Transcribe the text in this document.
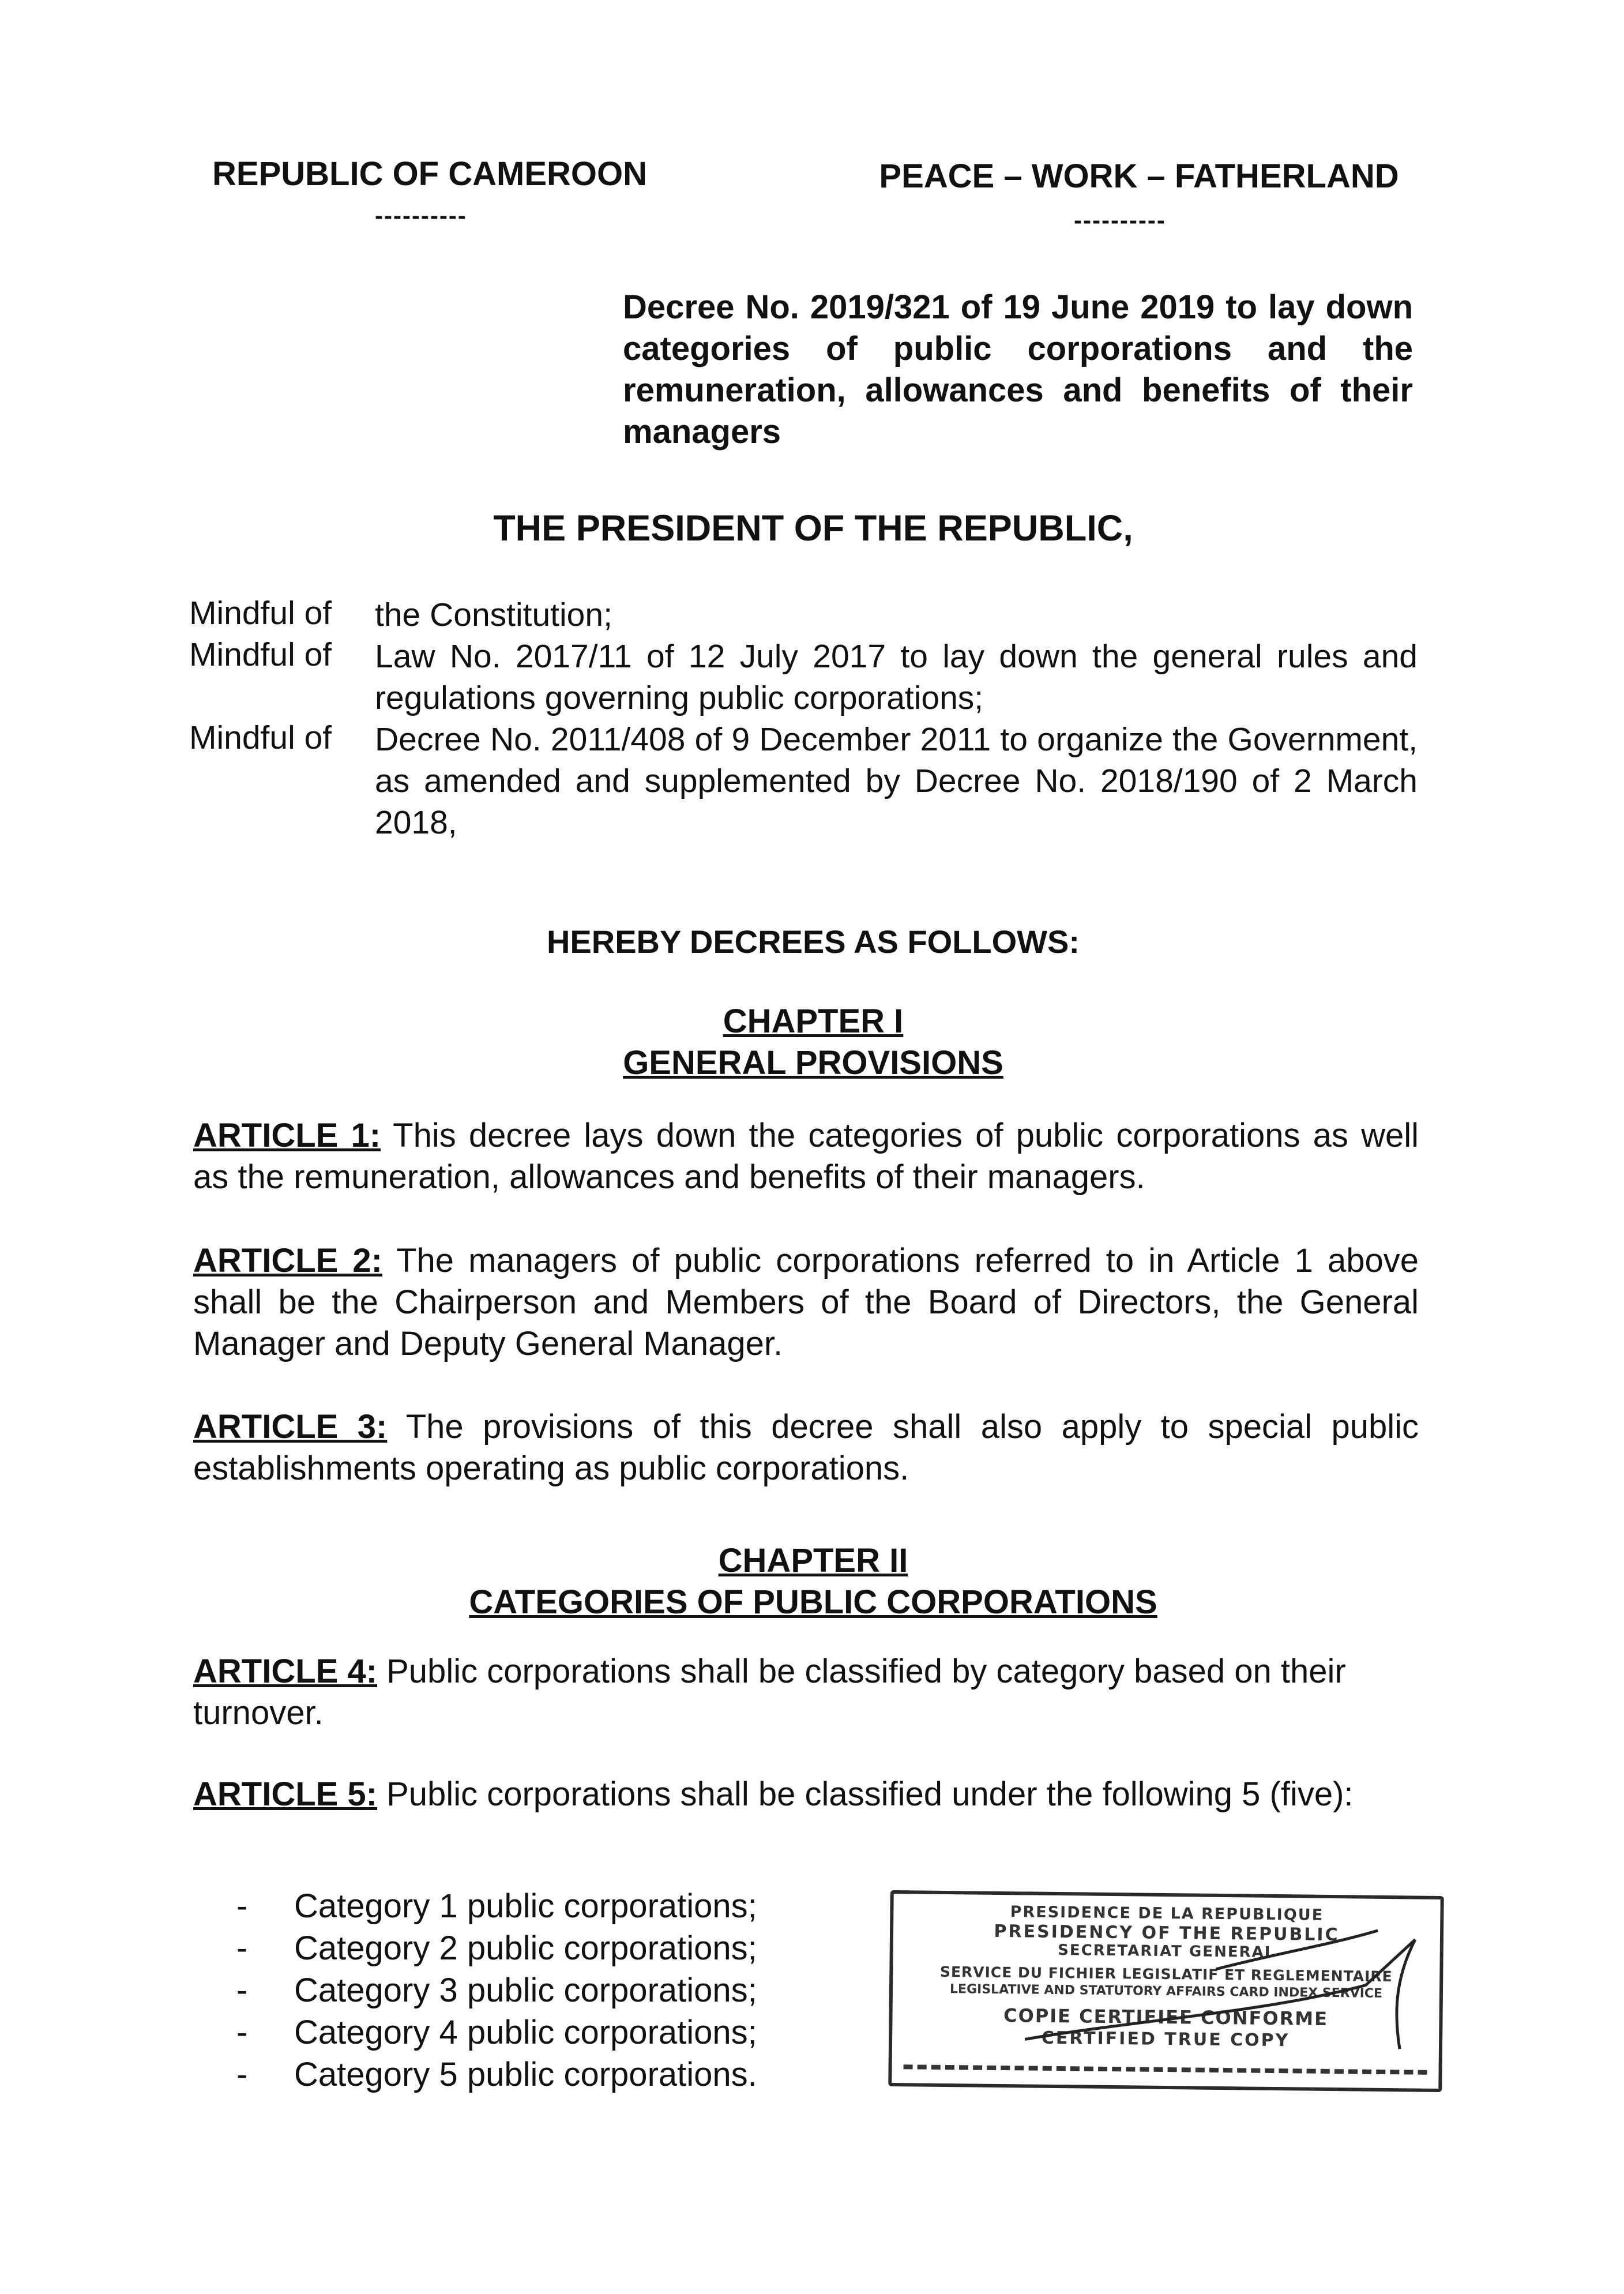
REPUBLIC OF CAMEROON
----------
PEACE – WORK – FATHERLAND
----------
Decree No. 2019/321 of 19 June 2019 to lay down categories of public corporations and the remuneration, allowances and benefits of their managers
THE PRESIDENT OF THE REPUBLIC,
Mindful of	the Constitution;
Mindful of	Law No. 2017/11 of 12 July 2017 to lay down the general rules and regulations governing public corporations;
Mindful of	Decree No. 2011/408 of 9 December 2011 to organize the Government, as amended and supplemented by Decree No. 2018/190 of 2 March 2018,
HEREBY DECREES AS FOLLOWS:
CHAPTER I
GENERAL PROVISIONS
ARTICLE 1: This decree lays down the categories of public corporations as well as the remuneration, allowances and benefits of their managers.
ARTICLE 2: The managers of public corporations referred to in Article 1 above shall be the Chairperson and Members of the Board of Directors, the General Manager and Deputy General Manager.
ARTICLE 3: The provisions of this decree shall also apply to special public establishments operating as public corporations.
CHAPTER II
CATEGORIES OF PUBLIC CORPORATIONS
ARTICLE 4: Public corporations shall be classified by category based on their turnover.
ARTICLE 5: Public corporations shall be classified under the following 5 (five):
-	Category 1 public corporations;
-	Category 2 public corporations;
-	Category 3 public corporations;
-	Category 4 public corporations;
-	Category 5 public corporations.
PRESIDENCE DE LA REPUBLIQUE
PRESIDENCY OF THE REPUBLIC
SECRETARIAT GENERAL
SERVICE DU FICHIER LEGISLATIF ET REGLEMENTAIRE
LEGISLATIVE AND STATUTORY AFFAIRS CARD INDEX SERVICE
COPIE CERTIFIEE CONFORME
CERTIFIED TRUE COPY
